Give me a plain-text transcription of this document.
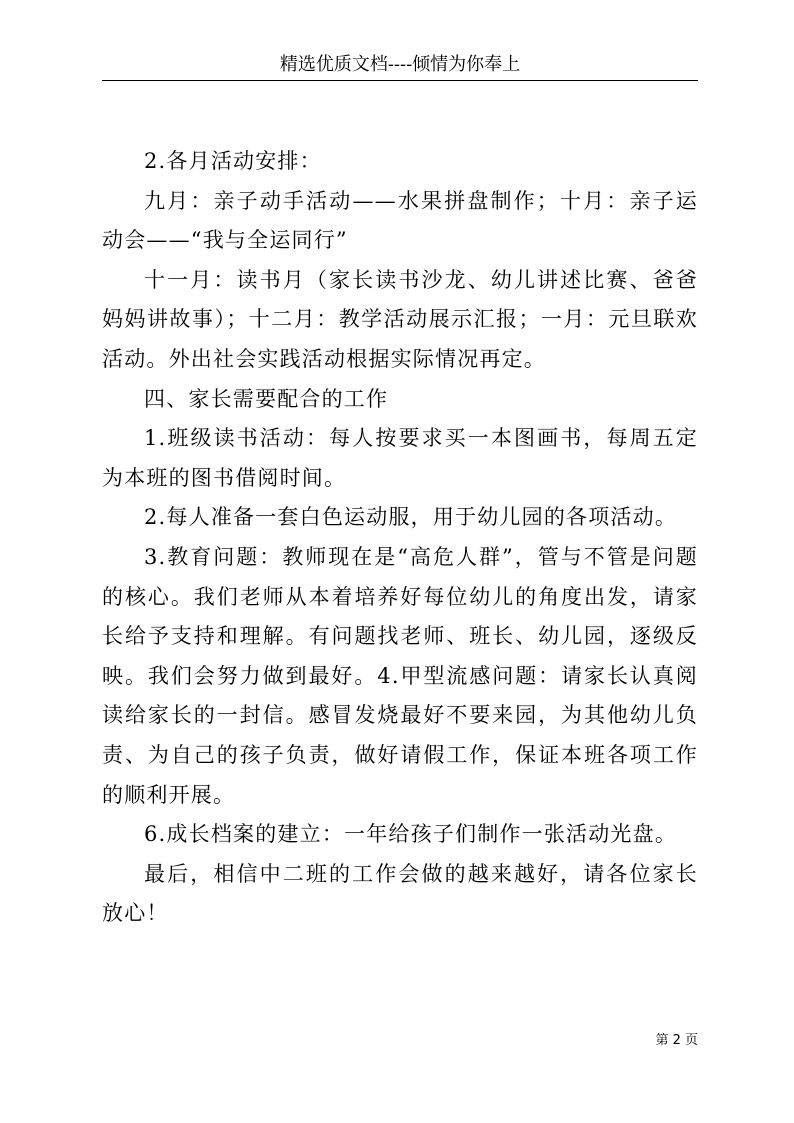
精选优质文档----倾情为你奉上

2.各月活动安排：

九月：亲子动手活动——水果拼盘制作；十月：亲子运动会——“我与全运同行”

十一月：读书月（家长读书沙龙、幼儿讲述比赛、爸爸妈妈讲故事）；十二月：教学活动展示汇报；一月：元旦联欢活动。外出社会实践活动根据实际情况再定。

四、家长需要配合的工作

1.班级读书活动：每人按要求买一本图画书，每周五定为本班的图书借阅时间。

2.每人准备一套白色运动服，用于幼儿园的各项活动。

3.教育问题：教师现在是“高危人群”，管与不管是问题的核心。我们老师从本着培养好每位幼儿的角度出发，请家长给予支持和理解。有问题找老师、班长、幼儿园，逐级反映。我们会努力做到最好。4.甲型流感问题：请家长认真阅读给家长的一封信。感冒发烧最好不要来园，为其他幼儿负责、为自己的孩子负责，做好请假工作，保证本班各项工作的顺利开展。

6.成长档案的建立：一年给孩子们制作一张活动光盘。

最后，相信中二班的工作会做的越来越好，请各位家长放心！

第 2 页
